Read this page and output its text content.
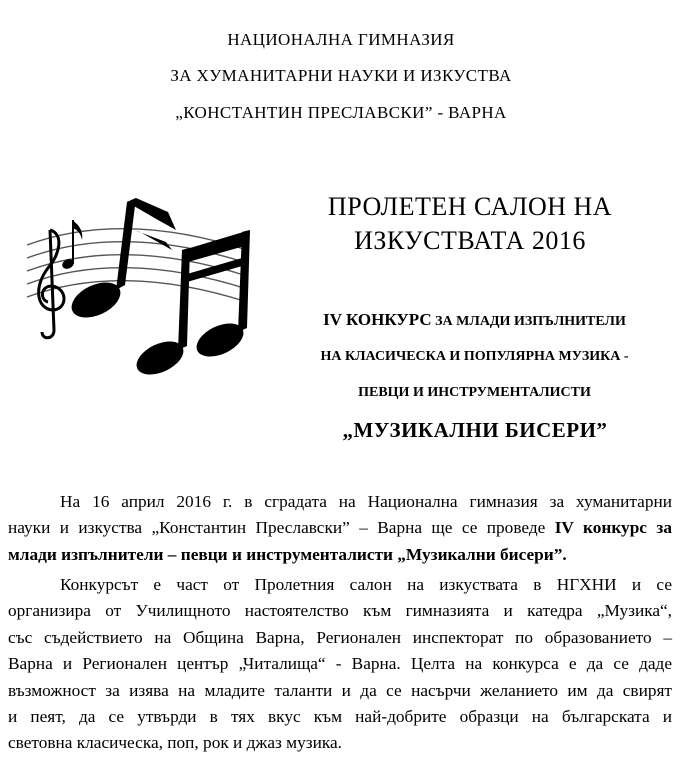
НАЦИОНАЛНА ГИМНАЗИЯ
ЗА ХУМАНИТАРНИ НАУКИ И ИЗКУСТВА
„КОНСТАНТИН ПРЕСЛАВСКИ” - ВАРНА
ПРОЛЕТЕН САЛОН НА
ИЗКУСТВАТА 2016
IV КОНКУРС ЗА МЛАДИ ИЗПЪЛНИТЕЛИ
НА КЛАСИЧЕСКА И ПОПУЛЯРНА МУЗИКА -
ПЕВЦИ И ИНСТРУМЕНТАЛИСТИ
„МУЗИКАЛНИ БИСЕРИ”
На 16 април 2016 г. в сградата на Национална гимназия за хуманитарни
науки и изкуства „Константин Преславски” – Варна ще се проведе IV конкурс за
млади изпълнители – певци и инструменталисти „Музикални бисери”.
Конкурсът е част от Пролетния салон на изкуствата в НГХНИ и се
организира от Училищното настоятелство към гимназията и катедра „Музика“,
със съдействието на Община Варна, Регионален инспекторат по образованието –
Варна и Регионален център „Читалища“ - Варна. Целта на конкурса е да се даде
възможност за изява на младите таланти и да се насърчи желанието им да свирят
и пеят, да се утвърди в тях вкус към най-добрите образци на българската и
световна класическа, поп, рок и джаз музика.
